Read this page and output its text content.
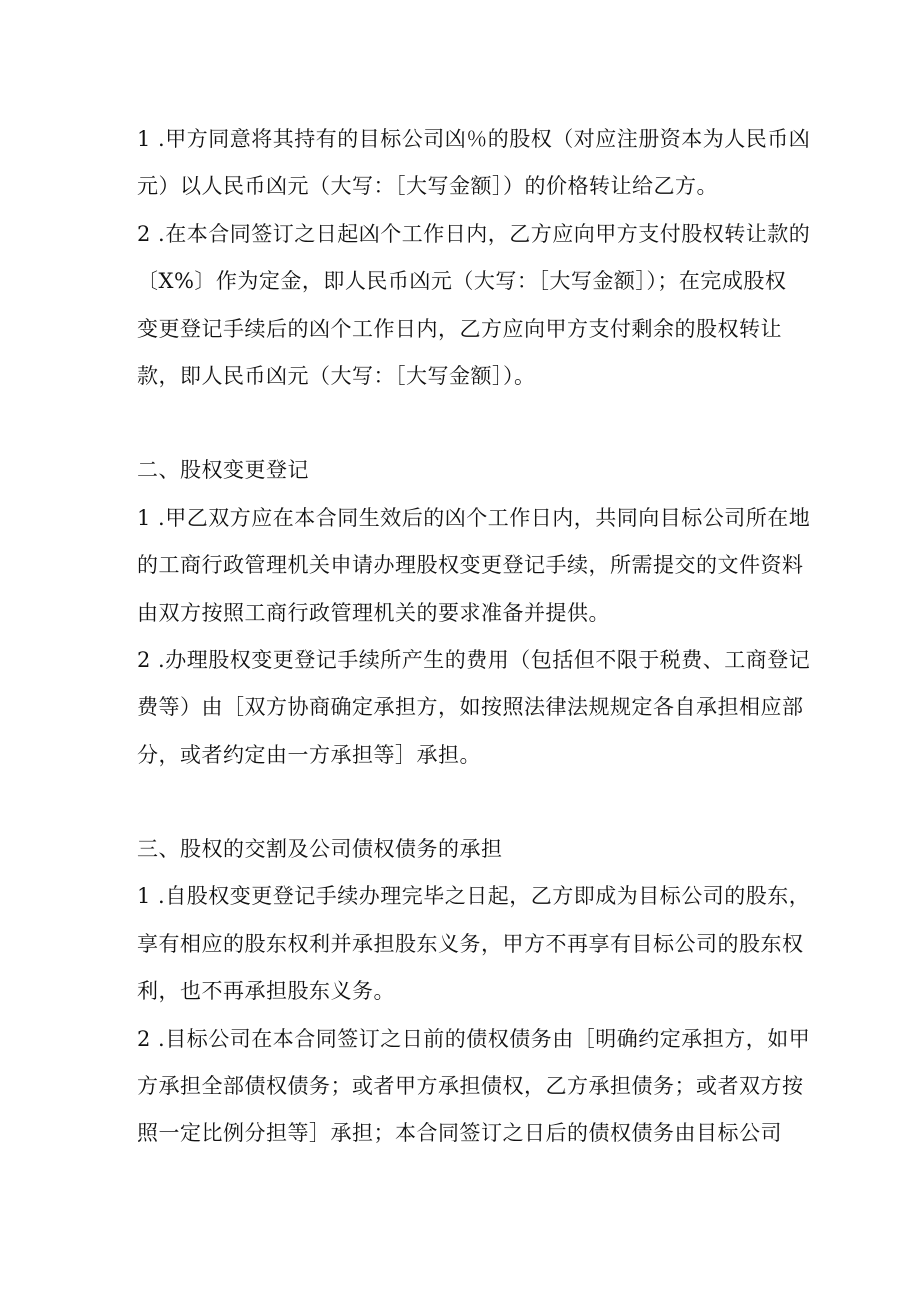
1 .甲方同意将其持有的目标公司凶％的股权（对应注册资本为人民币凶
元）以人民币凶元（大写：［大写金额］）的价格转让给乙方。
2 .在本合同签订之日起凶个工作日内，乙方应向甲方支付股权转让款的
〔X%〕作为定金，即人民币凶元（大写：［大写金额］）；在完成股权
变更登记手续后的凶个工作日内，乙方应向甲方支付剩余的股权转让
款，即人民币凶元（大写：［大写金额］）。
二、股权变更登记
1 .甲乙双方应在本合同生效后的凶个工作日内，共同向目标公司所在地
的工商行政管理机关申请办理股权变更登记手续，所需提交的文件资料
由双方按照工商行政管理机关的要求准备并提供。
2 .办理股权变更登记手续所产生的费用（包括但不限于税费、工商登记
费等）由［双方协商确定承担方，如按照法律法规规定各自承担相应部
分，或者约定由一方承担等］承担。
三、股权的交割及公司债权债务的承担
1 .自股权变更登记手续办理完毕之日起，乙方即成为目标公司的股东，
享有相应的股东权利并承担股东义务，甲方不再享有目标公司的股东权
利，也不再承担股东义务。
2 .目标公司在本合同签订之日前的债权债务由［明确约定承担方，如甲
方承担全部债权债务；或者甲方承担债权，乙方承担债务；或者双方按
照一定比例分担等］承担；本合同签订之日后的债权债务由目标公司
